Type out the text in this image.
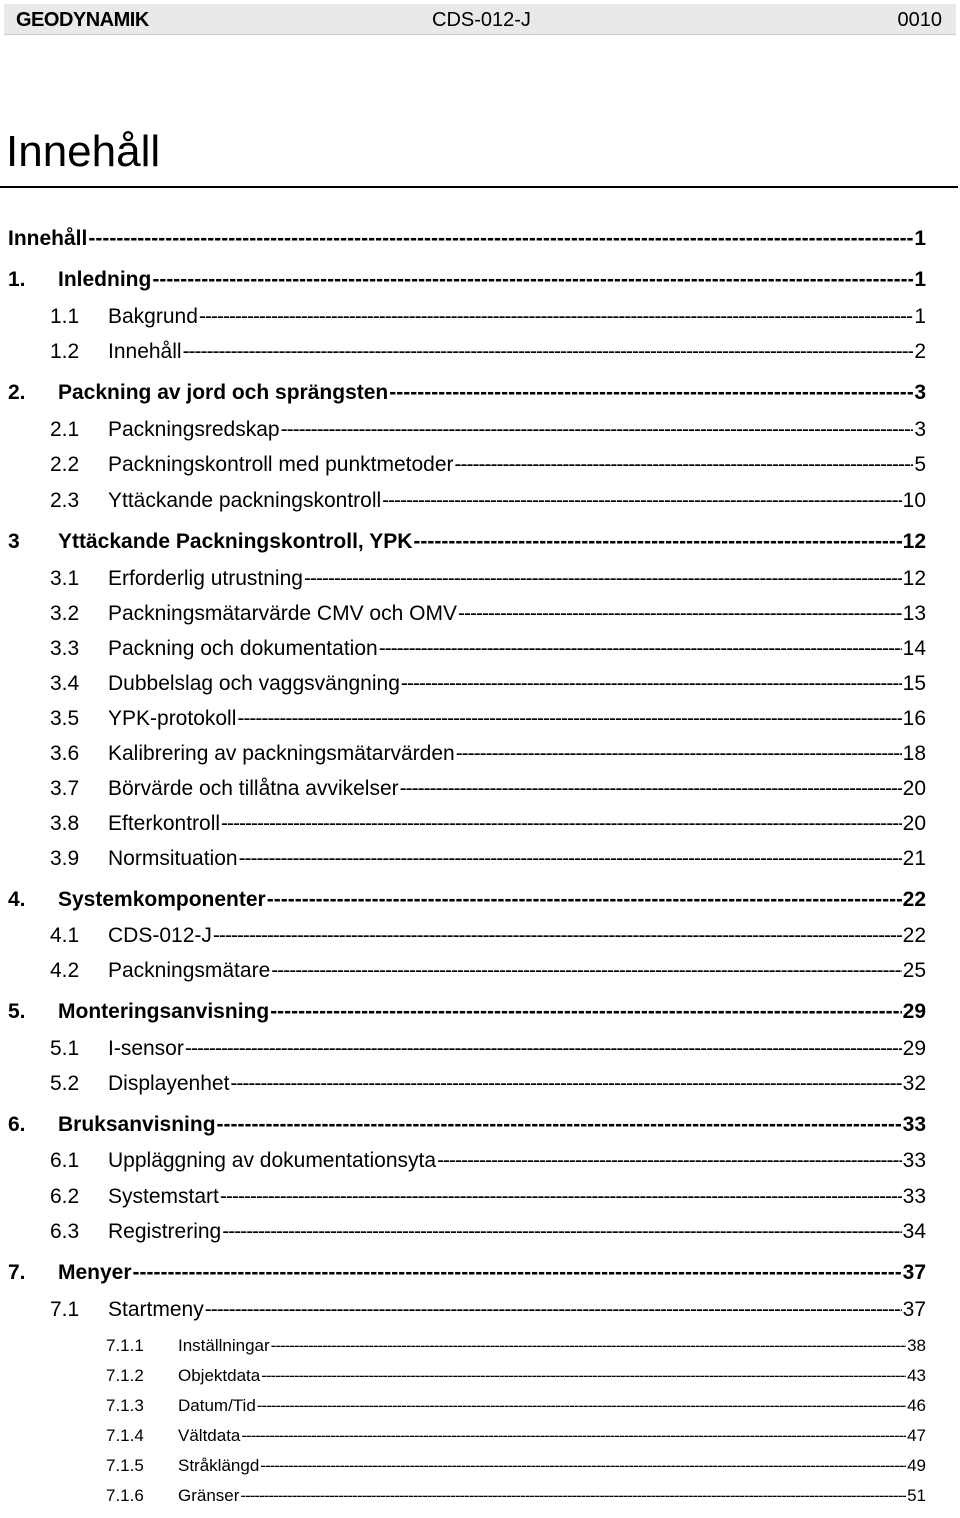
GEODYNAMIK	CDS-012-J	0010
Innehåll
Innehåll -----	1
1.	Inledning -----	1
1.1	Bakgrund -----	1
1.2	Innehåll -----	2
2.	Packning av jord och sprängsten -----	3
2.1	Packningsredskap -----	3
2.2	Packningskontroll med punktmetoder -----	5
2.3	Yttäckande packningskontroll -----	10
3	Yttäckande Packningskontroll, YPK -----	12
3.1	Erforderlig utrustning -----	12
3.2	Packningsmätarvärde CMV och OMV -----	13
3.3	Packning och dokumentation -----	14
3.4	Dubbelslag och vaggsvängning -----	15
3.5	YPK-protokoll -----	16
3.6	Kalibrering av packningsmätarvärden -----	18
3.7	Börvärde och tillåtna avvikelser -----	20
3.8	Efterkontroll -----	20
3.9	Normsituation -----	21
4.	Systemkomponenter -----	22
4.1	CDS-012-J -----	22
4.2	Packningsmätare -----	25
5.	Monteringsanvisning -----	29
5.1	I-sensor -----	29
5.2	Displayenhet -----	32
6.	Bruksanvisning -----	33
6.1	Uppläggning av dokumentationsyta -----	33
6.2	Systemstart -----	33
6.3	Registrering -----	34
7.	Menyer -----	37
7.1	Startmeny -----	37
7.1.1	Inställningar -----	38
7.1.2	Objektdata -----	43
7.1.3	Datum/Tid -----	46
7.1.4	Vältdata -----	47
7.1.5	Stråklängd -----	49
7.1.6	Gränser -----	51
